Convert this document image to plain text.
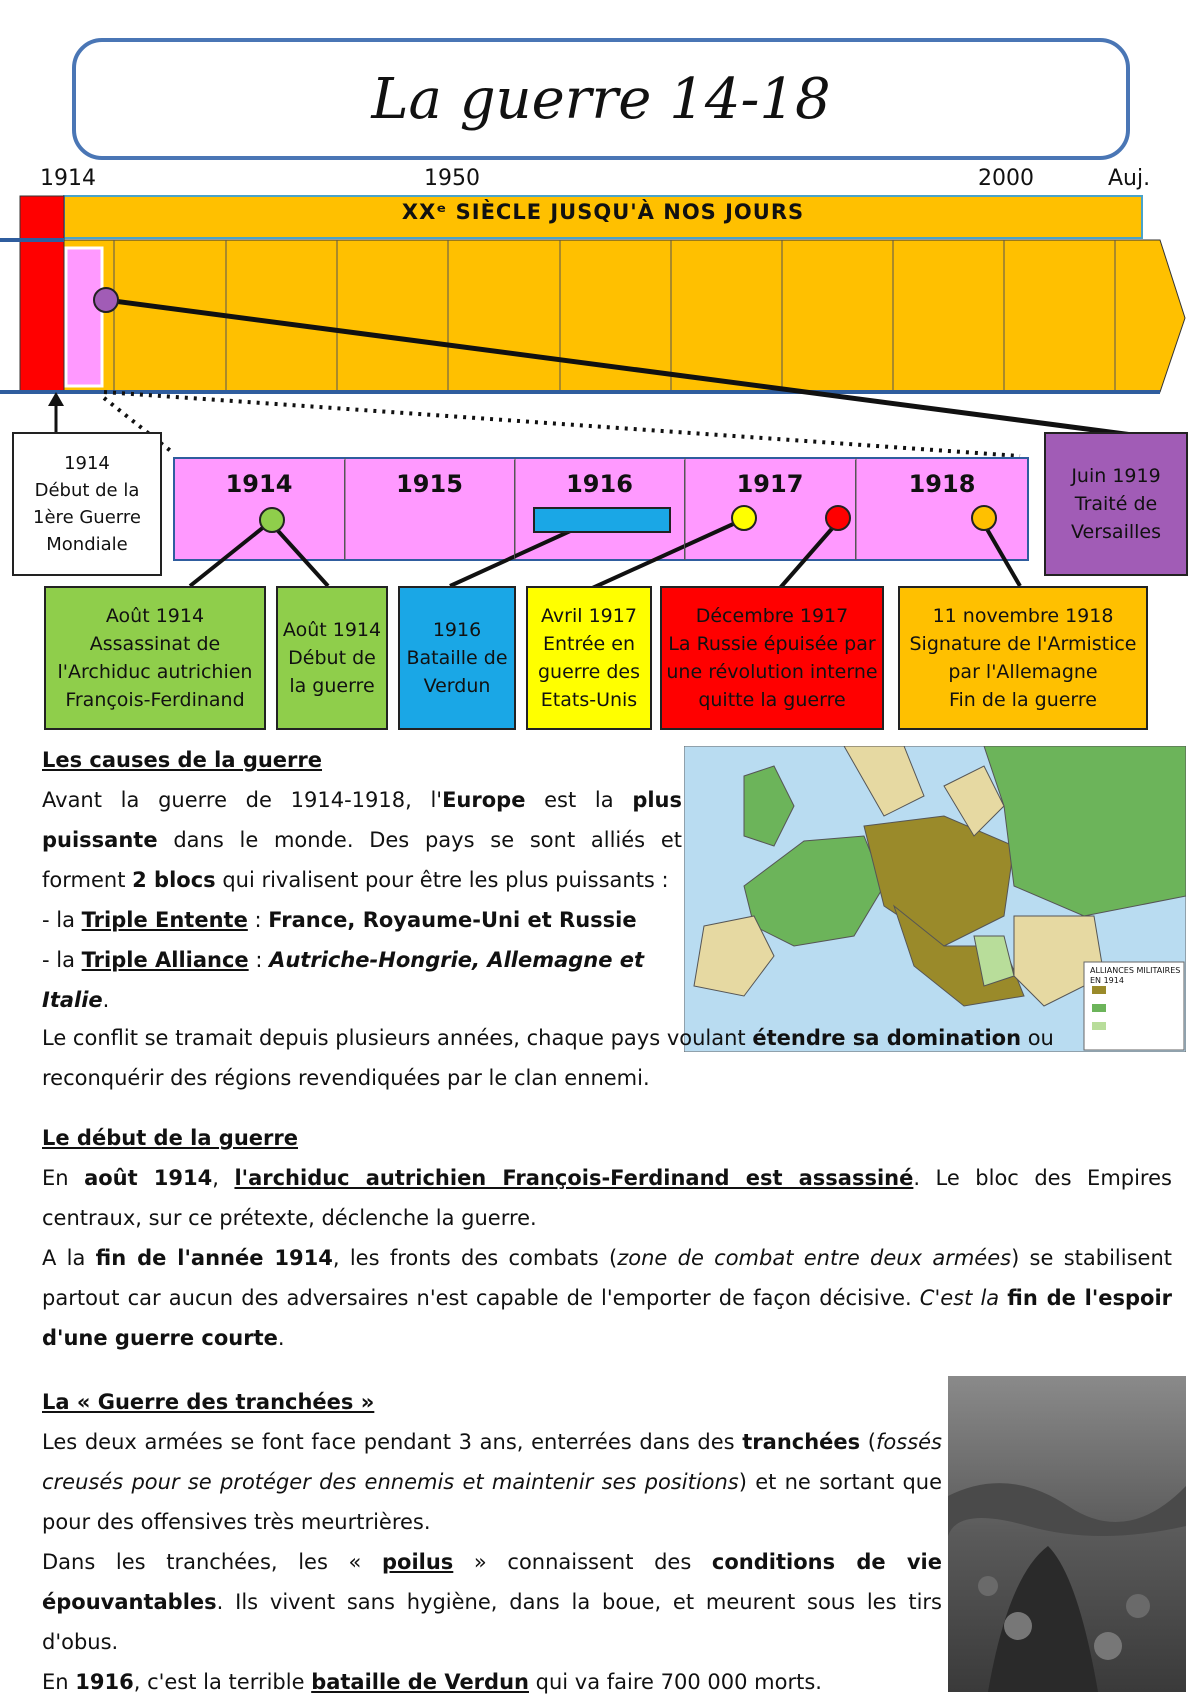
La guerre 14-18
1914	1950	2000	Auj.
XXᵉ SIÈCLE JUSQU'À NOS JOURS
1914	1915	1916	1917	1918
1914
Début de la
1ère Guerre
Mondiale
Juin 1919
Traité de
Versailles
Août 1914
Assassinat de
l'Archiduc autrichien
François-Ferdinand
Août 1914
Début de
la guerre
1916
Bataille de
Verdun
Avril 1917
Entrée en
guerre des
Etats-Unis
Décembre 1917
La Russie épuisée par
une révolution interne
quitte la guerre
11 novembre 1918
Signature de l'Armistice
par l'Allemagne
Fin de la guerre
ALLIANCES MILITAIRES EN 1914

Les causes de la guerre

Avant la guerre de 1914-1918, l'Europe est la plus puissante dans le monde. Des pays se sont alliés et forment 2 blocs qui rivalisent pour être les plus puissants :

- la Triple Entente : France, Royaume-Uni et Russie

- la Triple Alliance : Autriche-Hongrie, Allemagne et Italie.

Le conflit se tramait depuis plusieurs années, chaque pays voulant étendre sa domination ou reconquérir des régions revendiquées par le clan ennemi.

Le début de la guerre

En août 1914, l'archiduc autrichien François-Ferdinand est assassiné. Le bloc des Empires centraux, sur ce prétexte, déclenche la guerre.

A la fin de l'année 1914, les fronts des combats (zone de combat entre deux armées) se stabilisent partout car aucun des adversaires n'est capable de l'emporter de façon décisive. C'est la fin de l'espoir d'une guerre courte.

La « Guerre des tranchées »

Les deux armées se font face pendant 3 ans, enterrées dans des tranchées (fossés creusés pour se protéger des ennemis et maintenir ses positions) et ne sortant que pour des offensives très meurtrières.

Dans les tranchées, les « poilus » connaissent des conditions de vie épouvantables. Ils vivent sans hygiène, dans la boue, et meurent sous les tirs d'obus.

En 1916, c'est la terrible bataille de Verdun qui va faire 700 000 morts.
